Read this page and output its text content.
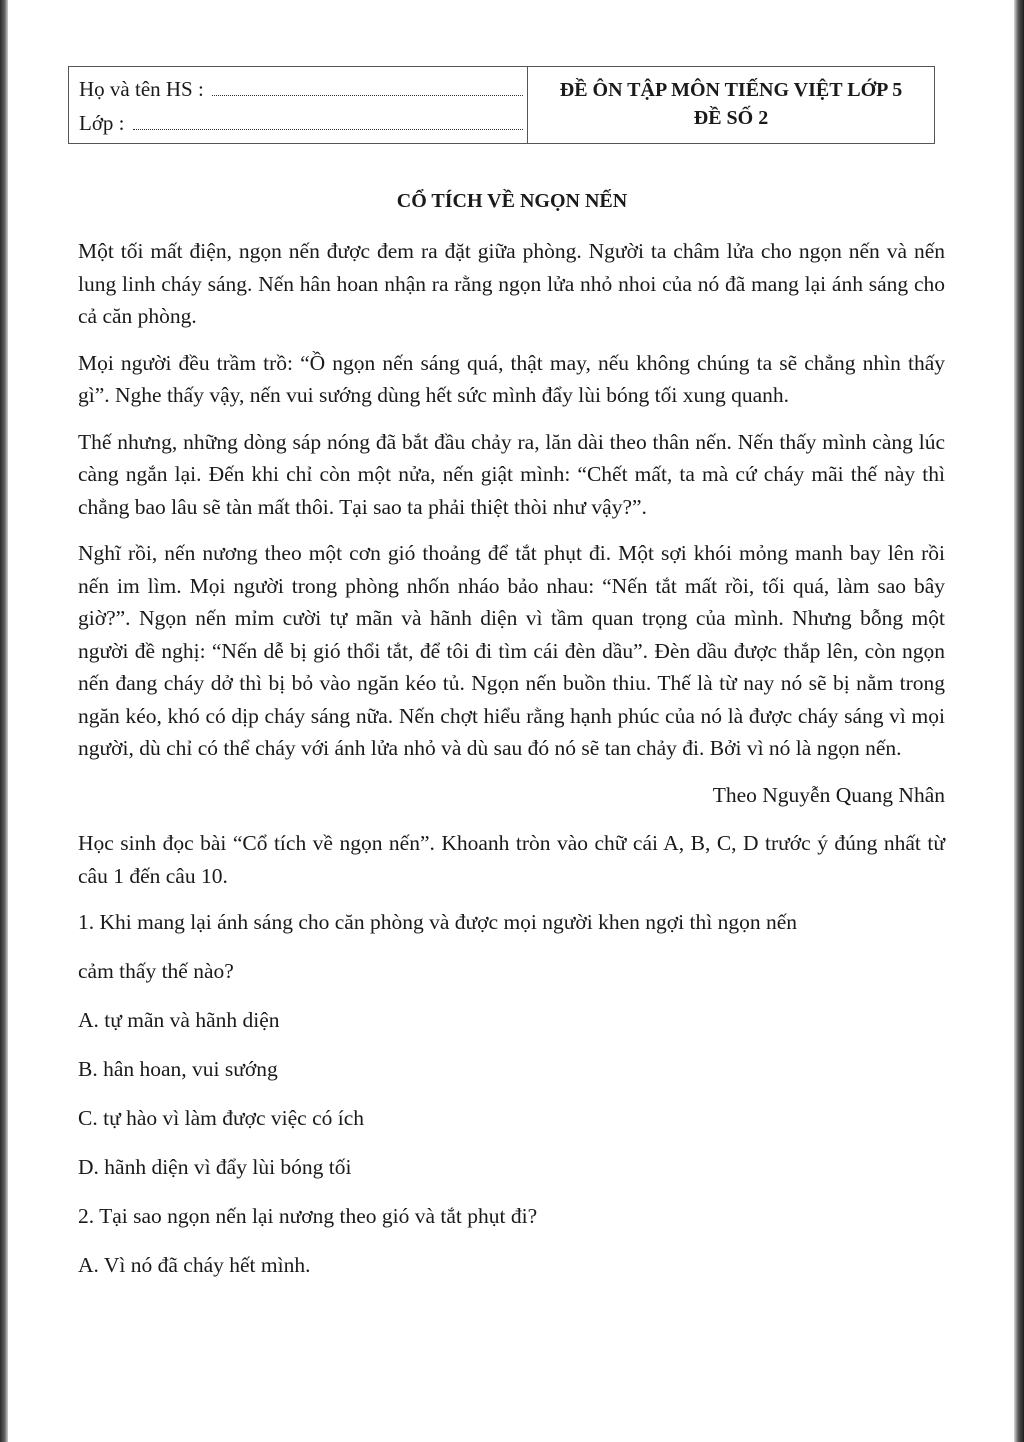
Họ và tên HS :
Lớp :
ĐỀ ÔN TẬP MÔN TIẾNG VIỆT LỚP 5
ĐỀ SỐ 2
CỔ TÍCH VỀ NGỌN NẾN

Một tối mất điện, ngọn nến được đem ra đặt giữa phòng. Người ta châm lửa cho ngọn nến và nến lung linh cháy sáng. Nến hân hoan nhận ra rằng ngọn lửa nhỏ nhoi của nó đã mang lại ánh sáng cho cả căn phòng.

Mọi người đều trầm trồ: “Ồ ngọn nến sáng quá, thật may, nếu không chúng ta sẽ chẳng nhìn thấy gì”. Nghe thấy vậy, nến vui sướng dùng hết sức mình đẩy lùi bóng tối xung quanh.

Thế nhưng, những dòng sáp nóng đã bắt đầu chảy ra, lăn dài theo thân nến. Nến thấy mình càng lúc càng ngắn lại. Đến khi chỉ còn một nửa, nến giật mình: “Chết mất, ta mà cứ cháy mãi thế này thì chẳng bao lâu sẽ tàn mất thôi. Tại sao ta phải thiệt thòi như vậy?”.

Nghĩ rồi, nến nương theo một cơn gió thoảng để tắt phụt đi. Một sợi khói mỏng manh bay lên rồi nến im lìm. Mọi người trong phòng nhốn nháo bảo nhau: “Nến tắt mất rồi, tối quá, làm sao bây giờ?”. Ngọn nến mỉm cười tự mãn và hãnh diện vì tầm quan trọng của mình. Nhưng bỗng một người đề nghị: “Nến dễ bị gió thổi tắt, để tôi đi tìm cái đèn dầu”. Đèn dầu được thắp lên, còn ngọn nến đang cháy dở thì bị bỏ vào ngăn kéo tủ. Ngọn nến buồn thiu. Thế là từ nay nó sẽ bị nằm trong ngăn kéo, khó có dịp cháy sáng nữa. Nến chợt hiểu rằng hạnh phúc của nó là được cháy sáng vì mọi người, dù chỉ có thể cháy với ánh lửa nhỏ và dù sau đó nó sẽ tan chảy đi. Bởi vì nó là ngọn nến.

Theo Nguyễn Quang Nhân

Học sinh đọc bài “Cổ tích về ngọn nến”. Khoanh tròn vào chữ cái A, B, C, D trước ý đúng nhất từ câu 1 đến câu 10.

1. Khi mang lại ánh sáng cho căn phòng và được mọi người khen ngợi thì ngọn nến

cảm thấy thế nào?

A. tự mãn và hãnh diện

B. hân hoan, vui sướng

C. tự hào vì làm được việc có ích

D. hãnh diện vì đẩy lùi bóng tối

2. Tại sao ngọn nến lại nương theo gió và tắt phụt đi?

A. Vì nó đã cháy hết mình.
